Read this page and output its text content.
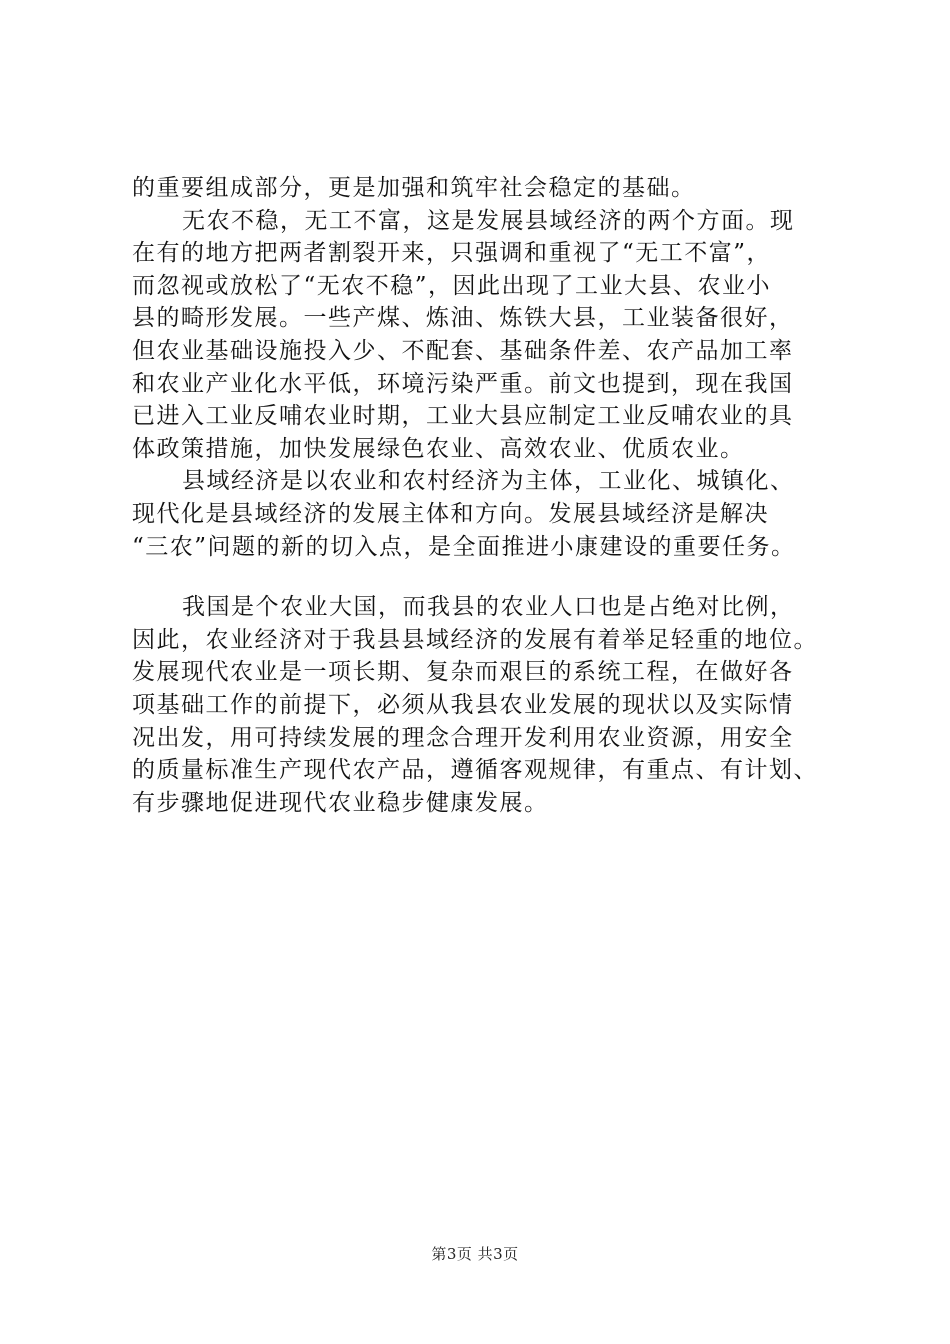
的重要组成部分，更是加强和筑牢社会稳定的基础。

无农不稳，无工不富，这是发展县域经济的两个方面。现
在有的地方把两者割裂开来，只强调和重视了“无工不富”，
而忽视或放松了“无农不稳”，因此出现了工业大县、农业小
县的畸形发展。一些产煤、炼油、炼铁大县，工业装备很好，
但农业基础设施投入少、不配套、基础条件差、农产品加工率
和农业产业化水平低，环境污染严重。前文也提到，现在我国
已进入工业反哺农业时期，工业大县应制定工业反哺农业的具
体政策措施，加快发展绿色农业、高效农业、优质农业。

县域经济是以农业和农村经济为主体，工业化、城镇化、
现代化是县域经济的发展主体和方向。发展县域经济是解决
“三农”问题的新的切入点，是全面推进小康建设的重要任务。

我国是个农业大国，而我县的农业人口也是占绝对比例，
因此，农业经济对于我县县域经济的发展有着举足轻重的地位。
发展现代农业是一项长期、复杂而艰巨的系统工程，在做好各
项基础工作的前提下，必须从我县农业发展的现状以及实际情
况出发，用可持续发展的理念合理开发利用农业资源，用安全
的质量标准生产现代农产品，遵循客观规律，有重点、有计划、
有步骤地促进现代农业稳步健康发展。

第3页 共3页
